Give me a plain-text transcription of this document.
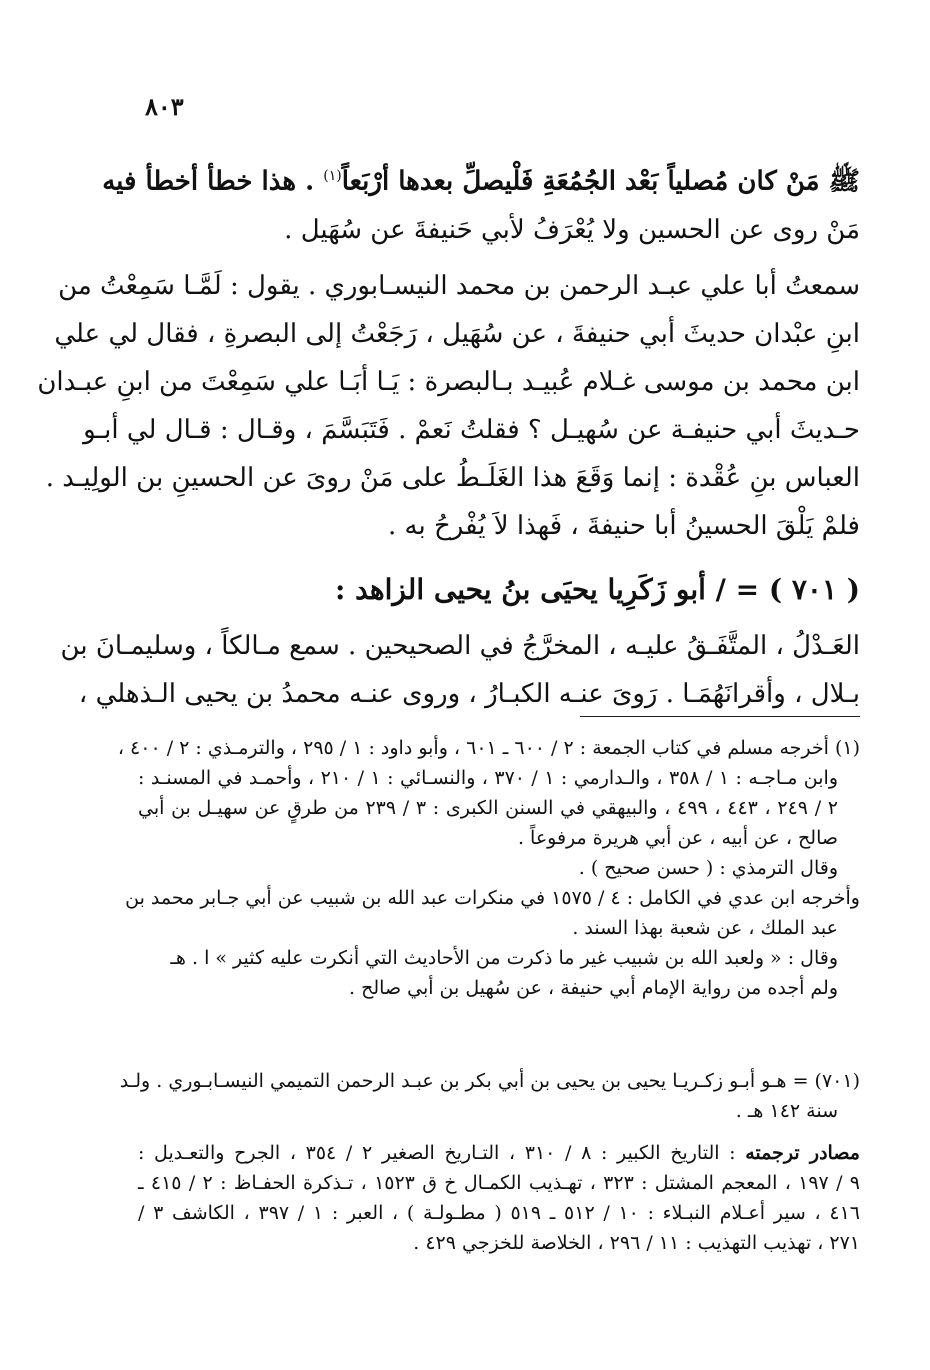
٨٠٣
ﷺ مَنْ كان مُصلياً بَعْد الجُمُعَةِ فَلْيصلِّ بعدها أرْبَعاً$^{(١)}$ . هذا خطأ أخطأ فيه
مَنْ روى عن الحسين ولا يُعْرَفُ لأبي حَنيفةَ عن سُهَيل .
سمعتُ أبا علي عبـد الرحمن بن محمد النيسـابوري . يقول : لَمَّـا سَمِعْتُ من
ابنِ عبْدان حديثَ أبي حنيفةَ ، عن سُهَيل ، رَجَعْتُ إلى البصرةِ ، فقال لي علي
ابن محمد بن موسى غـلام عُبيـد بـالبصرة : يَـا أبَـا علي سَمِعْتَ من ابنِ عبـدان
حـديثَ أبي حنيفـة عن سُهيـل ؟ فقلتُ نَعمْ . فَتَبَسَّمَ ، وقـال : قـال لي أبـو
العباس بنِ عُقْدة : إنما وَقَعَ هذا الغَلَـطُ على مَنْ روىَ عن الحسينِ بن الولِيـد .
فلمْ يَلْقَ الحسينُ أبا حنيفةَ ، فَهذا لاَ يُفْرحُ به .
( ٧٠١ ) = / أبو زَكَرِيا يحيَى بنُ يحيى الزاهد :
العَـدْلُ ، المتَّفَـقُ عليـه ، المخرَّجُ في الصحيحين . سمع مـالكاً ، وسليمـانَ بن
بـلال ، وأقرانَهُمَـا . رَوىَ عنـه الكبـارُ ، وروى عنـه محمدُ بن يحيى الـذهلي ،
(١) أخرجه مسلم في كتاب الجمعة : ٢ / ٦٠٠ ـ ٦٠١ ، وأبو داود : ١ / ٢٩٥ ، والترمـذي : ٢ / ٤٠٠ ،
وابن مـاجـه : ١ / ٣٥٨ ، والـدارمي : ١ / ٣٧٠ ، والنسـائي : ١ / ٢١٠ ، وأحمـد في المسنـد :
٢ / ٢٤٩ ، ٤٤٣ ، ٤٩٩ ، والبيهقي في السنن الكبرى : ٣ / ٢٣٩ من طرقٍ عن سهيـل بن أبي
صالح ، عن أبيه ، عن أبي هريرة مرفوعاً .
وقال الترمذي : ( حسن صحيح ) .
وأخرجه ابن عدي في الكامل : ٤ / ١٥٧٥ في منكرات عبد الله بن شبيب عن أبي جـابر محمد بن
عبد الملك ، عن شعبة بهذا السند .
وقال : « ولعبد الله بن شبيب غير ما ذكرت من الأحاديث التي أنكرت عليه كثير » ا . هـ
ولم أجده من رواية الإمام أبي حنيفة ، عن سُهيل بن أبي صالح .
(٧٠١) = هـو أبـو زكـريـا يحيى بن يحيى بن أبي بكر بن عبـد الرحمن التميمي النيسـابـوري . ولـد
سنة ١٤٢ هـ .
مصادر ترجمته : التاريخ الكبير : ٨ / ٣١٠ ، التـاريخ الصغير ٢ / ٣٥٤ ، الجرح والتعـديل :
٩ / ١٩٧ ، المعجم المشتل : ٣٢٣ ، تهـذيب الكمـال خ ق ١٥٢٣ ، تـذكرة الحفـاظ : ٢ / ٤١٥ ـ
٤١٦ ، سير أعـلام النبـلاء : ١٠ / ٥١٢ ـ ٥١٩ ( مطـولـة ) ، العبر : ١ / ٣٩٧ ، الكاشف ٣ /
٢٧١ ، تهذيب التهذيب : ١١ / ٢٩٦ ، الخلاصة للخزجي ٤٢٩ .
